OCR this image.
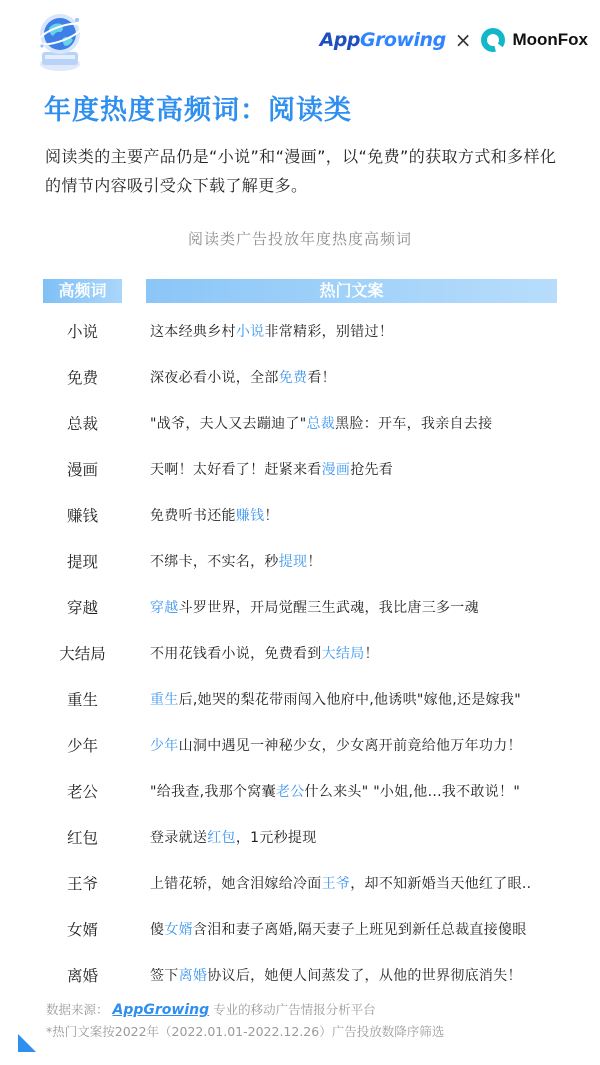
AppGrowing × MoonFox
年度热度高频词：阅读类
阅读类的主要产品仍是“小说”和“漫画”，以“免费”的获取方式和多样化的情节内容吸引受众下载了解更多。
阅读类广告投放年度热度高频词
高频词	热门文案
小说	这本经典乡村小说非常精彩，别错过！
免费	深夜必看小说，全部免费看！
总裁	"战爷，夫人又去蹦迪了"总裁黑脸：开车，我亲自去接
漫画	天啊！太好看了！赶紧来看漫画抢先看
赚钱	免费听书还能赚钱！
提现	不绑卡，不实名，秒提现！
穿越	穿越斗罗世界，开局觉醒三生武魂，我比唐三多一魂
大结局	不用花钱看小说，免费看到大结局！
重生	重生后,她哭的梨花带雨闯入他府中,他诱哄"嫁他,还是嫁我"
少年	少年山洞中遇见一神秘少女，少女离开前竟给他万年功力！
老公	"给我查,我那个窝囊老公什么来头" "小姐,他...我不敢说！"
红包	登录就送红包，1元秒提现
王爷	上错花轿，她含泪嫁给冷面王爷，却不知新婚当天他红了眼..
女婿	傻女婿含泪和妻子离婚,隔天妻子上班见到新任总裁直接傻眼
离婚	签下离婚协议后，她便人间蒸发了，从他的世界彻底消失！
数据来源： AppGrowing 专业的移动广告情报分析平台
*热门文案按2022年（2022.01.01-2022.12.26）广告投放数降序筛选
